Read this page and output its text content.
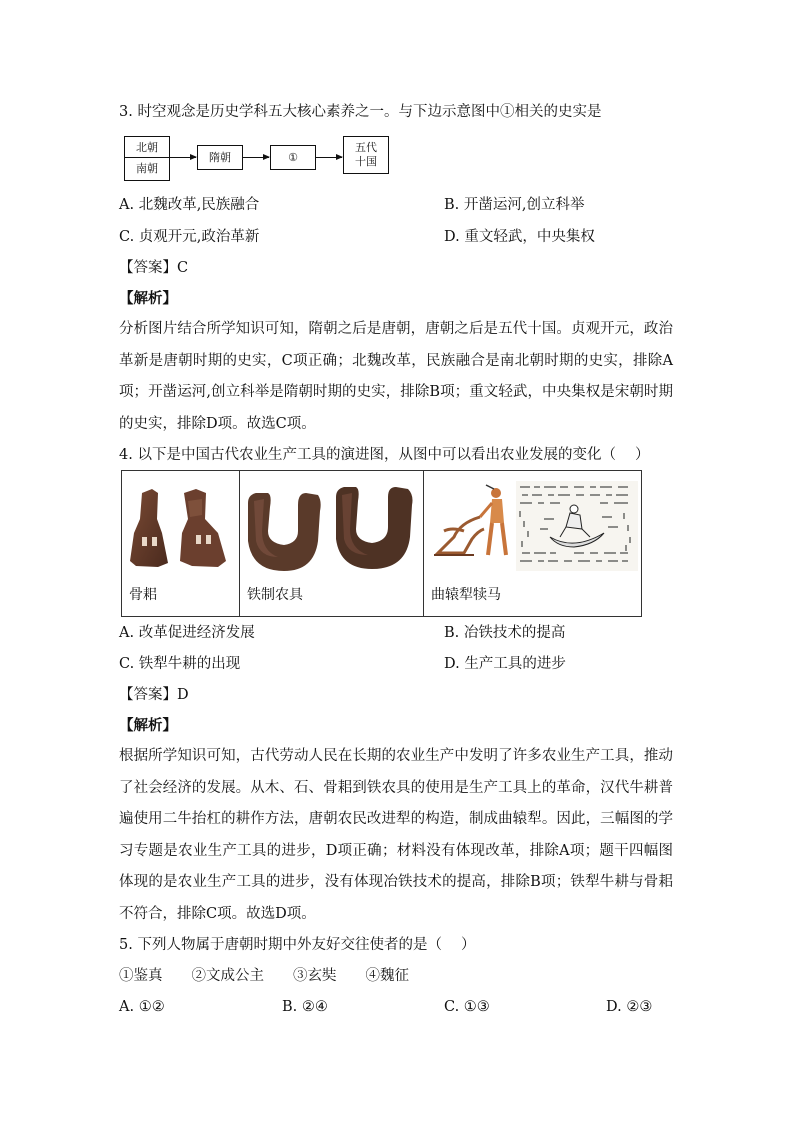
3. 时空观念是历史学科五大核心素养之一。与下边示意图中①相关的史实是
北朝
南朝
隋朝	①
五代
十国
A. 北魏改革,民族融合	B. 开凿运河,创立科举
C. 贞观开元,政治革新	D. 重文轻武，中央集权
【答案】C
【解析】
分析图片结合所学知识可知，隋朝之后是唐朝，唐朝之后是五代十国。贞观开元，政治革新是唐朝时期的史实，C项正确；北魏改革，民族融合是南北朝时期的史实，排除A项；开凿运河,创立科举是隋朝时期的史实，排除B项；重文轻武，中央集权是宋朝时期的史实，排除D项。故选C项。
4. 以下是中国古代农业生产工具的演进图，从图中可以看出农业发展的变化（　 ）
骨耜	铁制农具	曲辕犁犊马
A. 改革促进经济发展	B. 冶铁技术的提高
C. 铁犁牛耕的出现	D. 生产工具的进步
【答案】D
【解析】
根据所学知识可知，古代劳动人民在长期的农业生产中发明了许多农业生产工具，推动了社会经济的发展。从木、石、骨耜到铁农具的使用是生产工具上的革命，汉代牛耕普遍使用二牛抬杠的耕作方法，唐朝农民改进犁的构造，制成曲辕犁。因此，三幅图的学习专题是农业生产工具的进步，D项正确；材料没有体现改革，排除A项；题干四幅图体现的是农业生产工具的进步，没有体现冶铁技术的提高，排除B项；铁犁牛耕与骨耜不符合，排除C项。故选D项。
5. 下列人物属于唐朝时期中外友好交往使者的是（　 ）
①鉴真　　②文成公主　　③玄奘　　④魏征
A. ①②	B. ②④	C. ①③	D. ②③
